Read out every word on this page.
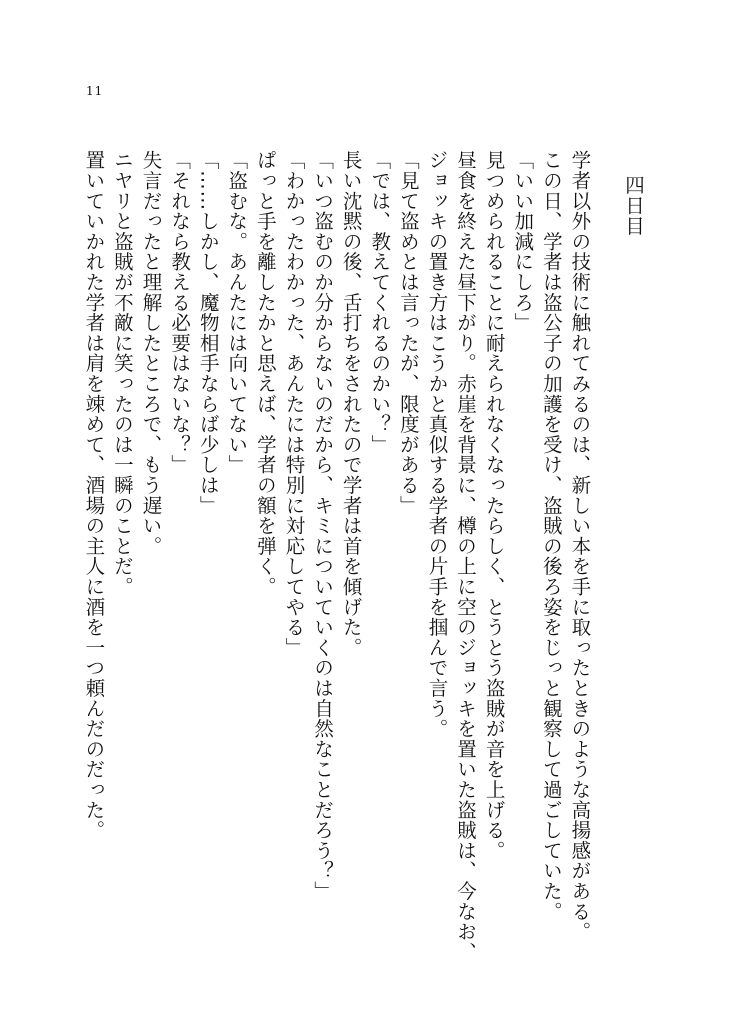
11
四日目
学者以外の技術に触れてみるのは、新しい本を手に取ったときのような高揚感がある。
この日、学者は盗公子の加護を受け、盗賊の後ろ姿をじっと観察して過ごしていた。
「いい加減にしろ」
見つめられることに耐えられなくなったらしく、とうとう盗賊が音を上げる。
昼食を終えた昼下がり。赤崖を背景に、樽の上に空のジョッキを置いた盗賊は、今なお、
ジョッキの置き方はこうかと真似する学者の片手を掴んで言う。
「見て盗めとは言ったが、限度がある」
「では、教えてくれるのかい？」
長い沈黙の後、舌打ちをされたので学者は首を傾げた。
「いつ盗むのか分からないのだから、キミについていくのは自然なことだろう？」
「わかったわかった、あんたには特別に対応してやる」
ぱっと手を離したかと思えば、学者の額を弾く。
「盗むな。あんたには向いてない」
「……しかし、魔物相手ならば少しは」
「それなら教える必要はないな？」
失言だったと理解したところで、もう遅い。
ニヤリと盗賊が不敵に笑ったのは一瞬のことだ。
置いていかれた学者は肩を竦めて、酒場の主人に酒を一つ頼んだのだった。
